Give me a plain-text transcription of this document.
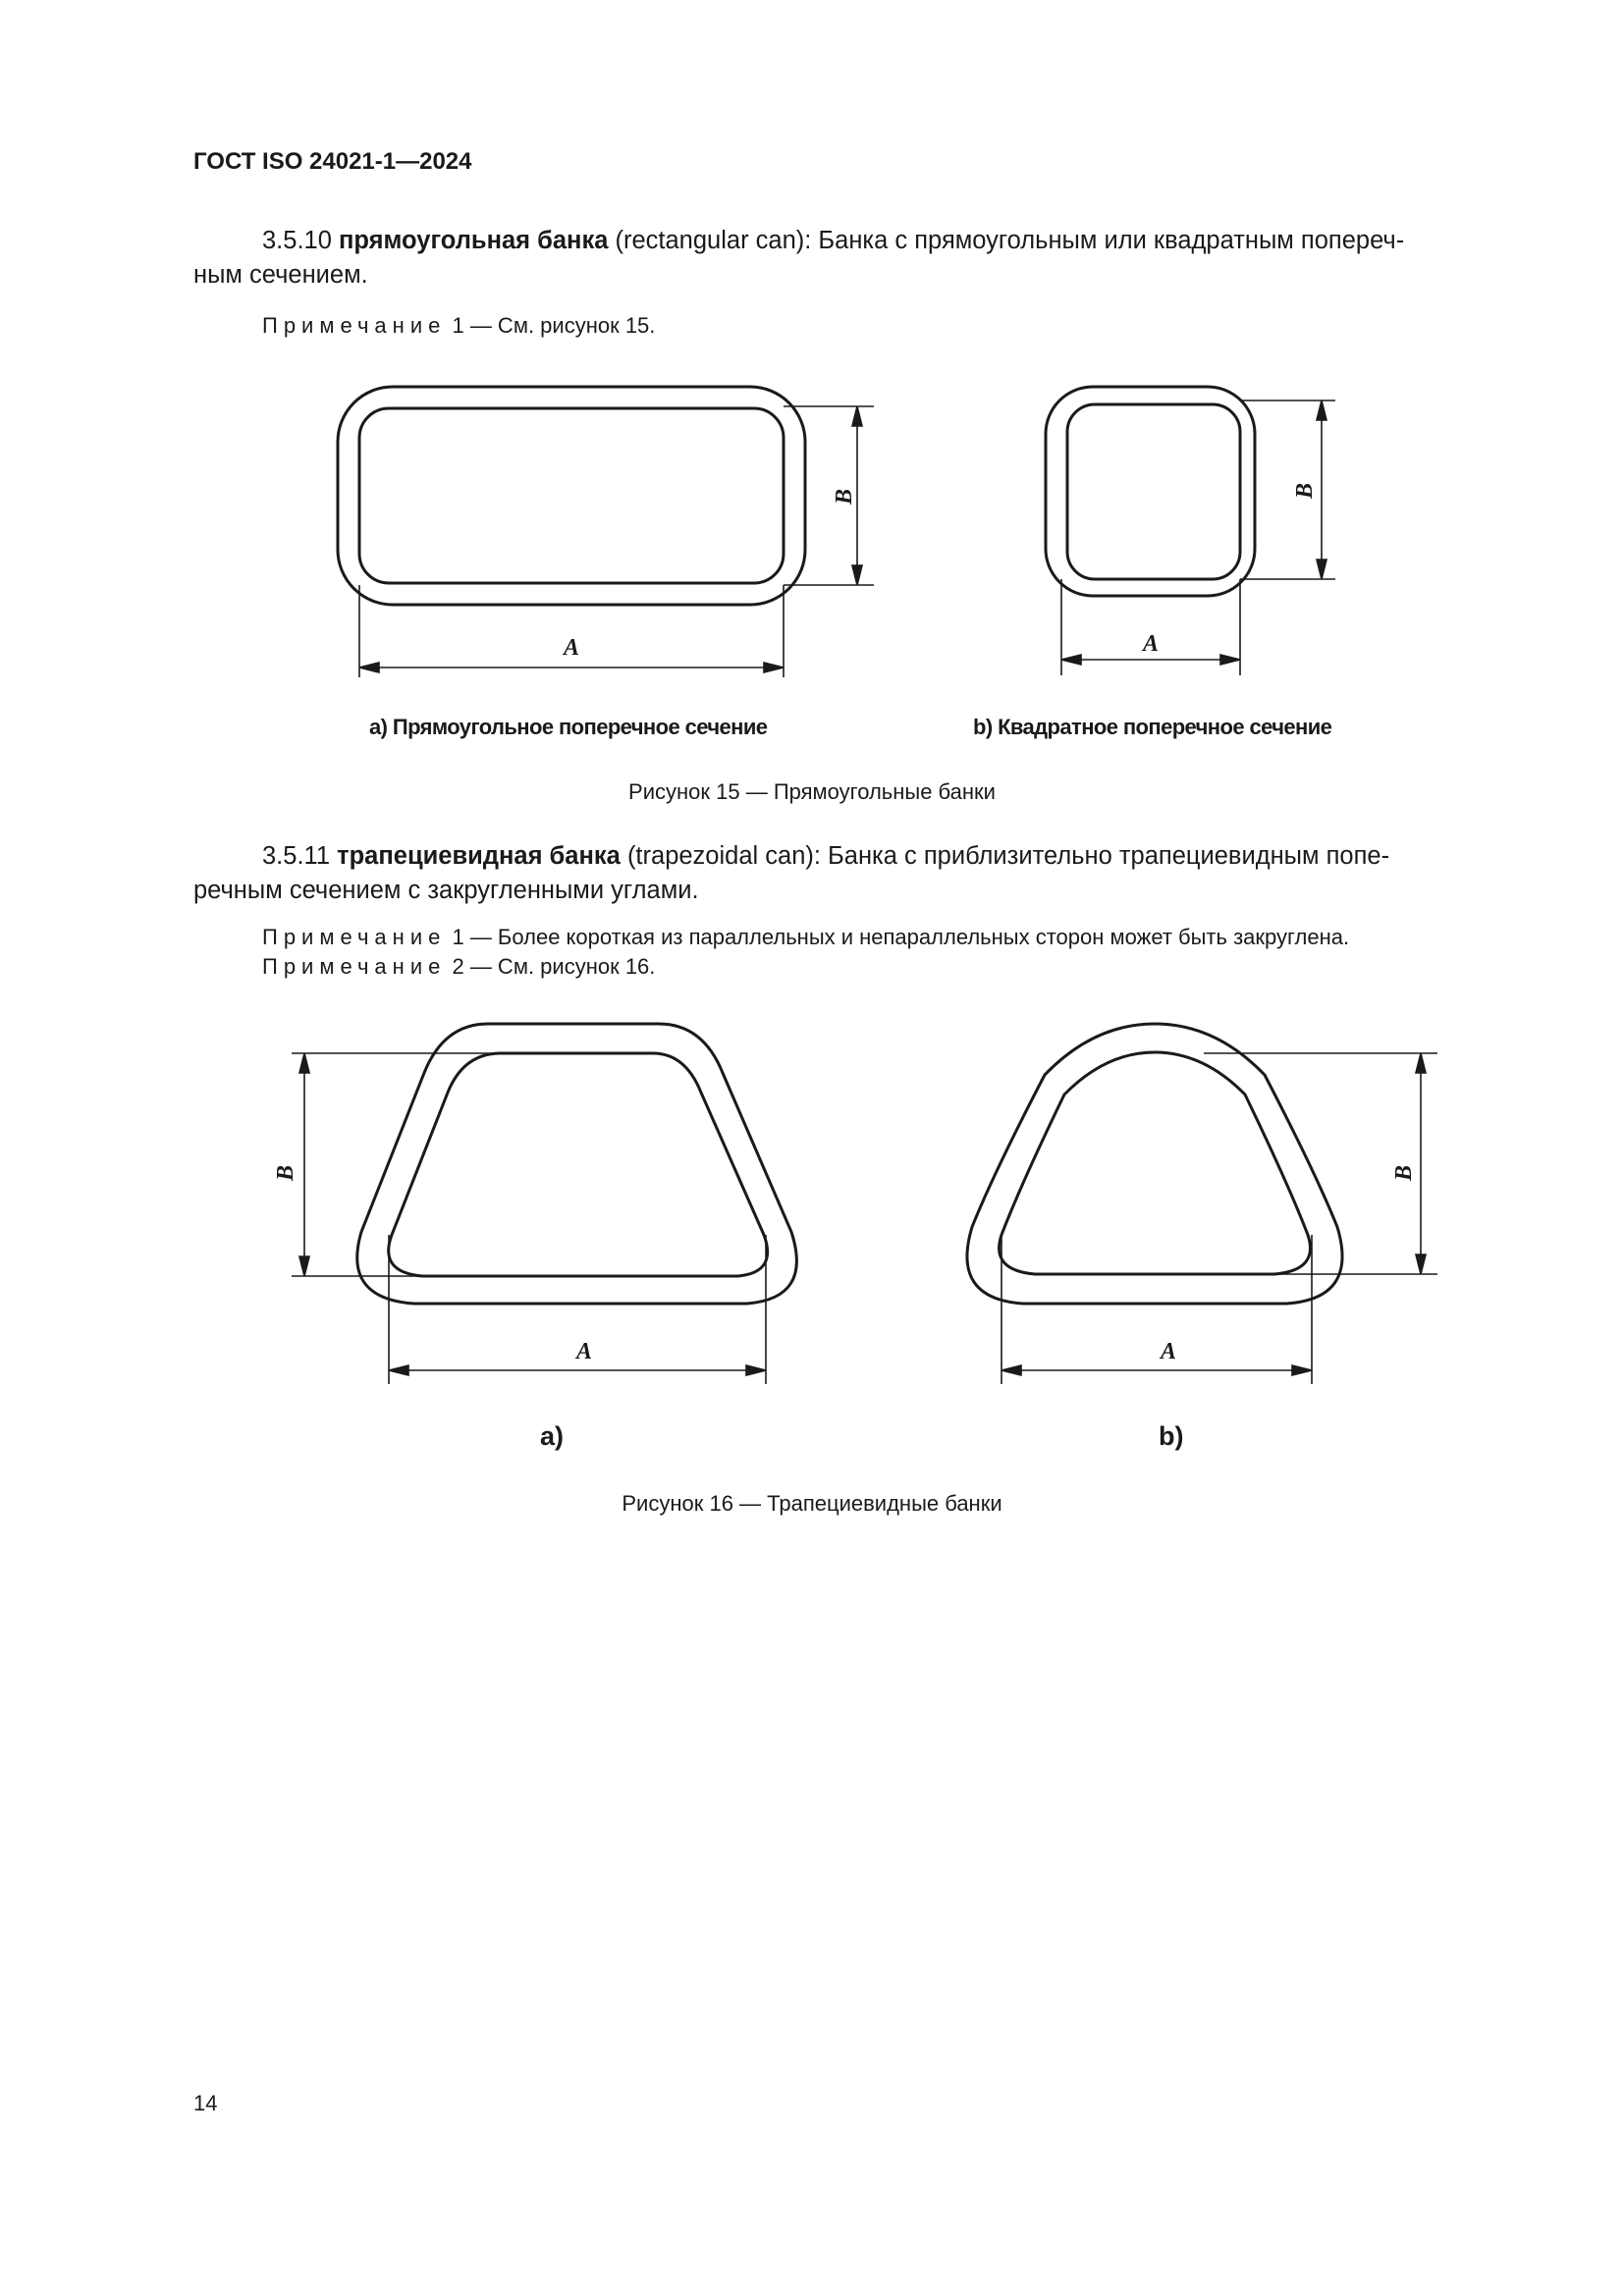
ГОСТ ISO 24021-1—2024
3.5.10 прямоугольная банка (rectangular can): Банка с прямоугольным или квадратным попереч-
ным сечением.
Примечание 1 — См. рисунок 15.
A	A
B	B
а) Прямоугольное поперечное сечение	b) Квадратное поперечное сечение
Рисунок 15 — Прямоугольные банки
3.5.11 трапециевидная банка (trapezoidal can): Банка с приблизительно трапециевидным попе-
речным сечением с закругленными углами.
Примечание 1 — Более короткая из параллельных и непараллельных сторон может быть закруглена.
Примечание 2 — См. рисунок 16.
A	A
B	B
а)	b)
Рисунок 16 — Трапециевидные банки
14
